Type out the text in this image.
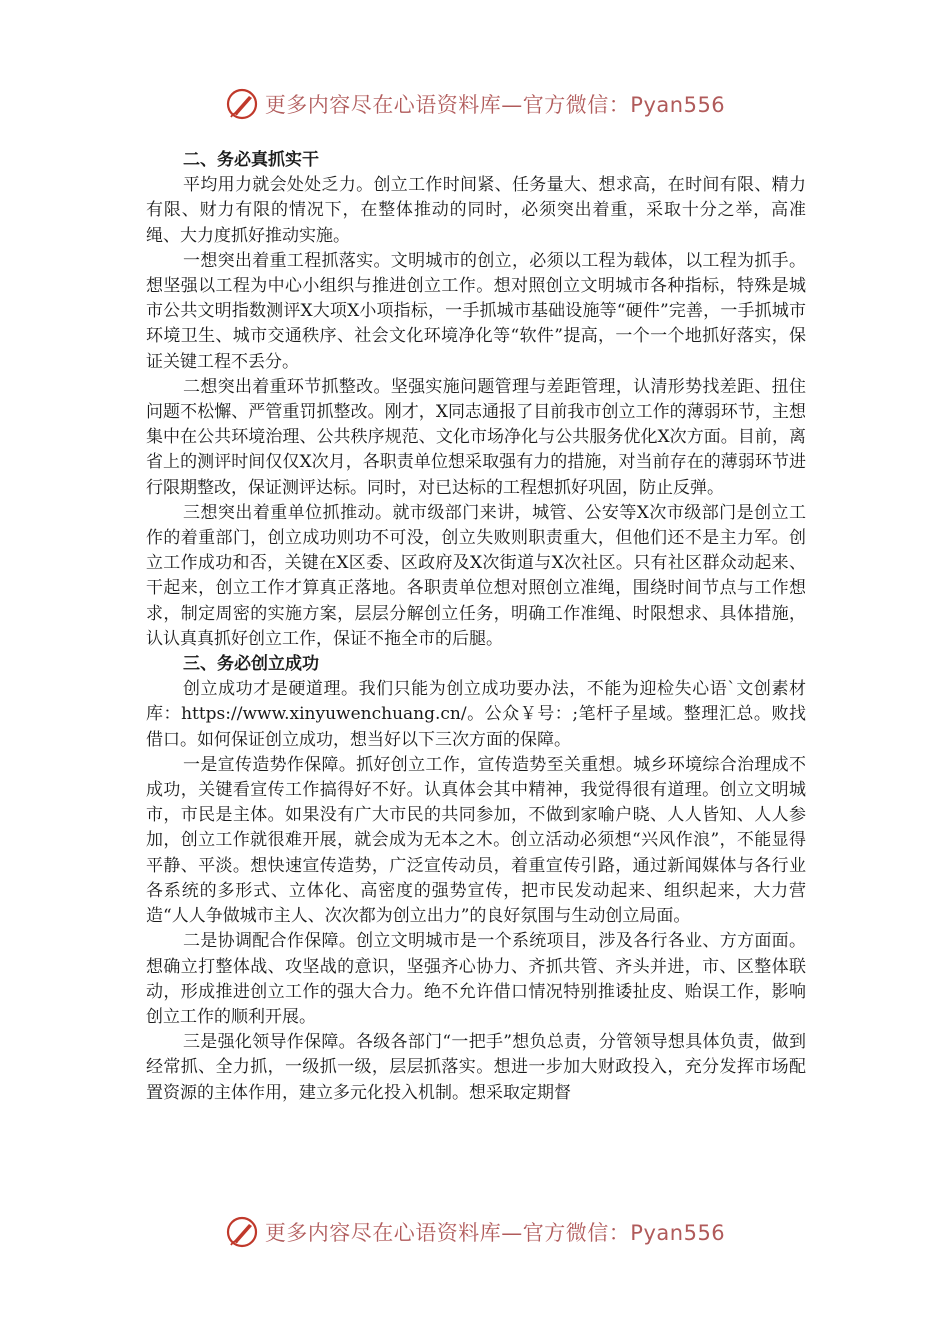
更多内容尽在心语资料库—官方微信：Pyan556

二、务必真抓实干

平均用力就会处处乏力。创立工作时间紧、任务量大、想求高，在时间有限、精力有限、财力有限的情况下，在整体推动的同时，必须突出着重，采取十分之举，高准绳、大力度抓好推动实施。

一想突出着重工程抓落实。文明城市的创立，必须以工程为载体，以工程为抓手。想坚强以工程为中心小组织与推进创立工作。想对照创立文明城市各种指标，特殊是城市公共文明指数测评X大项X小项指标，一手抓城市基础设施等“硬件”完善，一手抓城市环境卫生、城市交通秩序、社会文化环境净化等“软件”提高，一个一个地抓好落实，保证关键工程不丢分。

二想突出着重环节抓整改。坚强实施问题管理与差距管理，认清形势找差距、扭住问题不松懈、严管重罚抓整改。刚才，X同志通报了目前我市创立工作的薄弱环节，主想集中在公共环境治理、公共秩序规范、文化市场净化与公共服务优化X次方面。目前，离省上的测评时间仅仅X次月，各职责单位想采取强有力的措施，对当前存在的薄弱环节进行限期整改，保证测评达标。同时，对已达标的工程想抓好巩固，防止反弹。

三想突出着重单位抓推动。就市级部门来讲，城管、公安等X次市级部门是创立工作的着重部门，创立成功则功不可没，创立失败则职责重大，但他们还不是主力军。创立工作成功和否，关键在X区委、区政府及X次街道与X次社区。只有社区群众动起来、干起来，创立工作才算真正落地。各职责单位想对照创立准绳，围绕时间节点与工作想求，制定周密的实施方案，层层分解创立任务，明确工作准绳、时限想求、具体措施，认认真真抓好创立工作，保证不拖全市的后腿。

三、务必创立成功

创立成功才是硬道理。我们只能为创立成功要办法，不能为迎检失心语`文创素材库：https://www.xinyuwenchuang.cn/。公众￥号：;笔杆子星域。整理汇总。败找借口。如何保证创立成功，想当好以下三次方面的保障。

一是宣传造势作保障。抓好创立工作，宣传造势至关重想。城乡环境综合治理成不成功，关键看宣传工作搞得好不好。认真体会其中精神，我觉得很有道理。创立文明城市，市民是主体。如果没有广大市民的共同参加，不做到家喻户晓、人人皆知、人人参加，创立工作就很难开展，就会成为无本之木。创立活动必须想“兴风作浪”，不能显得平静、平淡。想快速宣传造势，广泛宣传动员，着重宣传引路，通过新闻媒体与各行业各系统的多形式、立体化、高密度的强势宣传，把市民发动起来、组织起来，大力营造“人人争做城市主人、次次都为创立出力”的良好氛围与生动创立局面。

二是协调配合作保障。创立文明城市是一个系统项目，涉及各行各业、方方面面。想确立打整体战、攻坚战的意识，坚强齐心协力、齐抓共管、齐头并进，市、区整体联动，形成推进创立工作的强大合力。绝不允许借口情况特别推诿扯皮、贻误工作，影响创立工作的顺利开展。

三是强化领导作保障。各级各部门“一把手”想负总责，分管领导想具体负责，做到经常抓、全力抓，一级抓一级，层层抓落实。想进一步加大财政投入，充分发挥市场配置资源的主体作用，建立多元化投入机制。想采取定期督

更多内容尽在心语资料库—官方微信：Pyan556
